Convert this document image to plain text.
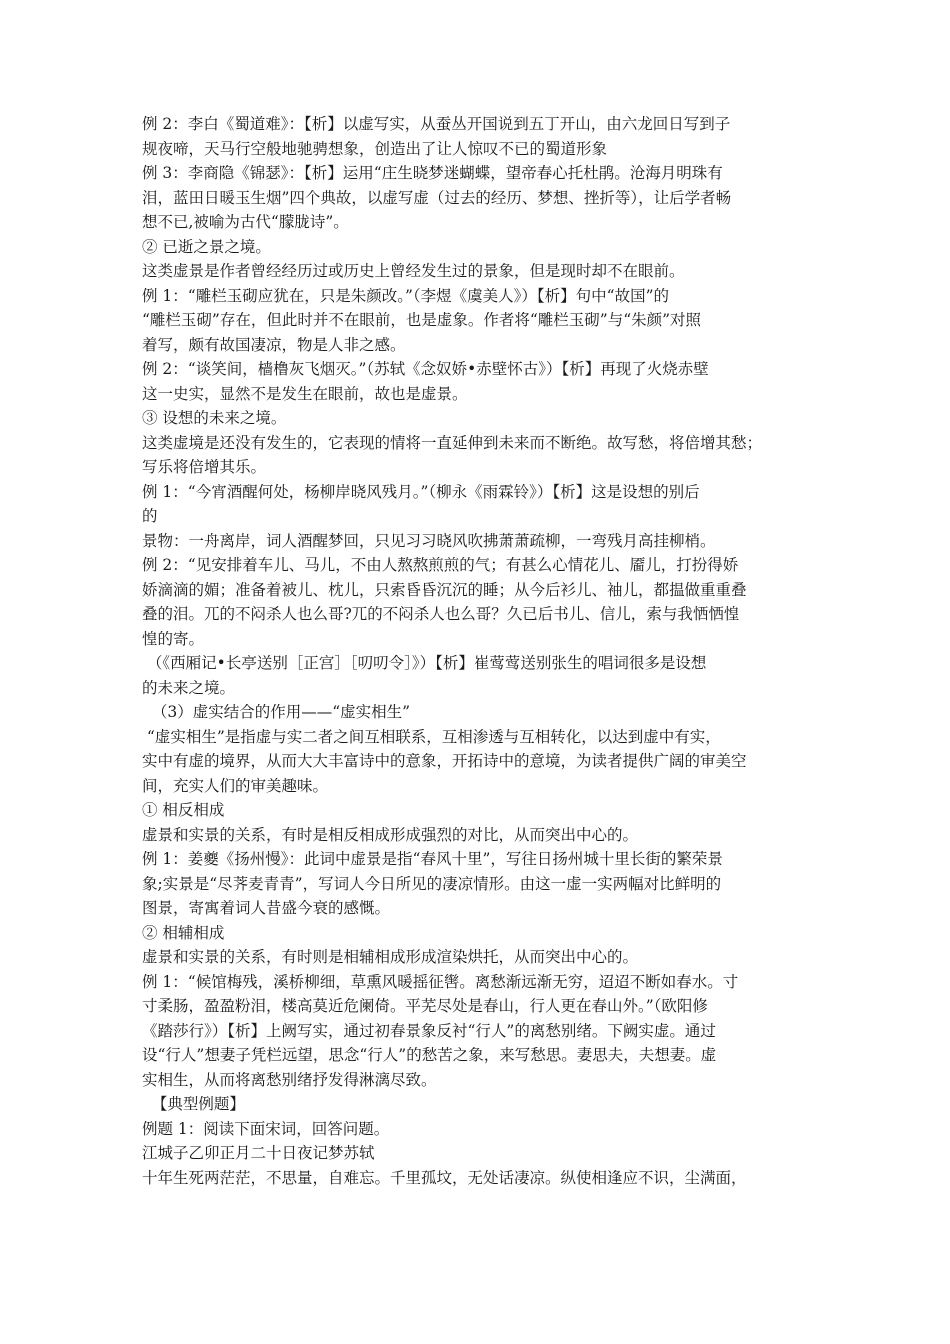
例 2：李白《蜀道难》：【析】以虚写实，从蚕丛开国说到五丁开山，由六龙回日写到子
规夜啼，天马行空般地驰骋想象，创造出了让人惊叹不已的蜀道形象
例 3：李商隐《锦瑟》：【析】运用“庄生晓梦迷蝴蝶，望帝春心托杜鹃。沧海月明珠有
泪，蓝田日暖玉生烟”四个典故，以虚写虚（过去的经历、梦想、挫折等），让后学者畅
想不已,被喻为古代“朦胧诗”。
② 已逝之景之境。
这类虚景是作者曾经经历过或历史上曾经发生过的景象，但是现时却不在眼前。
例 1：“雕栏玉砌应犹在，只是朱颜改。”（李煜《虞美人》）【析】句中“故国”的
“雕栏玉砌”存在，但此时并不在眼前，也是虚象。作者将“雕栏玉砌”与“朱颜”对照
着写，颇有故国凄凉，物是人非之感。
例 2：“谈笑间，樯橹灰飞烟灭。”（苏轼《念奴娇•赤壁怀古》）【析】再现了火烧赤壁
这一史实，显然不是发生在眼前，故也是虚景。
③ 设想的未来之境。
这类虚境是还没有发生的，它表现的情将一直延伸到未来而不断绝。故写愁，将倍增其愁；
写乐将倍增其乐。
例 1：“今宵酒醒何处，杨柳岸晓风残月。”（柳永《雨霖铃》）【析】这是设想的别后
的
景物：一舟离岸，词人酒醒梦回，只见习习晓风吹拂萧萧疏柳，一弯残月高挂柳梢。
例 2：“见安排着车儿、马儿，不由人熬熬煎煎的气；有甚么心情花儿、靥儿，打扮得娇
娇滴滴的媚；准备着被儿、枕儿，只索昏昏沉沉的睡；从今后衫儿、袖儿，都揾做重重叠
叠的泪。兀的不闷杀人也么哥?兀的不闷杀人也么哥？久已后书儿、信儿，索与我恓恓惶
惶的寄。
（《西厢记•长亭送别［正宫］［叨叨令］》）【析】崔莺莺送别张生的唱词很多是设想
的未来之境。
（3）虚实结合的作用——“虚实相生”
“虚实相生”是指虚与实二者之间互相联系，互相渗透与互相转化，以达到虚中有实，
实中有虚的境界，从而大大丰富诗中的意象，开拓诗中的意境，为读者提供广阔的审美空
间，充实人们的审美趣味。
① 相反相成
虚景和实景的关系，有时是相反相成形成强烈的对比，从而突出中心的。
例 1：姜夔《扬州慢》：此词中虚景是指“春风十里”，写往日扬州城十里长街的繁荣景
象;实景是“尽荠麦青青”，写词人今日所见的凄凉情形。由这一虚一实两幅对比鲜明的
图景，寄寓着词人昔盛今衰的感慨。
② 相辅相成
虚景和实景的关系，有时则是相辅相成形成渲染烘托，从而突出中心的。
例 1：“候馆梅残，溪桥柳细，草熏风暖摇征辔。离愁渐远渐无穷，迢迢不断如春水。寸
寸柔肠，盈盈粉泪，楼高莫近危阑倚。平芜尽处是春山，行人更在春山外。”（欧阳修
《踏莎行》）【析】上阙写实，通过初春景象反衬“行人”的离愁别绪。下阙实虚。通过
设“行人”想妻子凭栏远望，思念“行人”的愁苦之象，来写愁思。妻思夫，夫想妻。虚
实相生，从而将离愁别绪抒发得淋漓尽致。
【典型例题】
例题 1：阅读下面宋词，回答问题。
江城子乙卯正月二十日夜记梦苏轼
十年生死两茫茫，不思量，自难忘。千里孤坟，无处话凄凉。纵使相逢应不识，尘满面，
